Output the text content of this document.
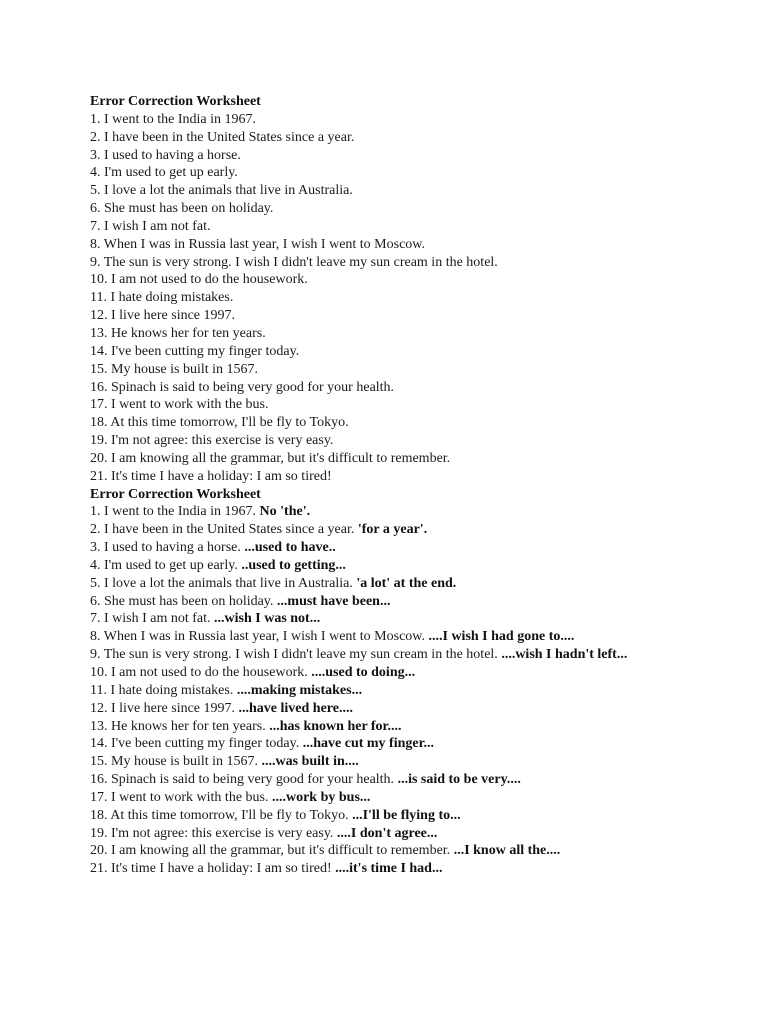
Error Correction Worksheet

1. I went to the India in 1967.

2. I have been in the United States since a year.

3. I used to having a horse.

4. I'm used to get up early.

5. I love a lot the animals that live in Australia.

6. She must has been on holiday.

7. I wish I am not fat.

8. When I was in Russia last year, I wish I went to Moscow.

9. The sun is very strong. I wish I didn't leave my sun cream in the hotel.

10. I am not used to do the housework.

11. I hate doing mistakes.

12. I live here since 1997.

13. He knows her for ten years.

14. I've been cutting my finger today.

15. My house is built in 1567.

16. Spinach is said to being very good for your health.

17. I went to work with the bus.

18. At this time tomorrow, I'll be fly to Tokyo.

19. I'm not agree: this exercise is very easy.

20. I am knowing all the grammar, but it's difficult to remember.

21. It's time I have a holiday: I am so tired!

Error Correction Worksheet

1. I went to the India in 1967. No 'the'.

2. I have been in the United States since a year. 'for a year'.

3. I used to having a horse. ...used to have..

4. I'm used to get up early. ..used to getting...

5. I love a lot the animals that live in Australia. 'a lot' at the end.

6. She must has been on holiday. ...must have been...

7. I wish I am not fat. ...wish I was not...

8. When I was in Russia last year, I wish I went to Moscow. ....I wish I had gone to....

9. The sun is very strong. I wish I didn't leave my sun cream in the hotel. ....wish I hadn't left...

10. I am not used to do the housework. ....used to doing...

11. I hate doing mistakes. ....making mistakes...

12. I live here since 1997. ...have lived here....

13. He knows her for ten years. ...has known her for....

14. I've been cutting my finger today. ...have cut my finger...

15. My house is built in 1567. ....was built in....

16. Spinach is said to being very good for your health. ...is said to be very....

17. I went to work with the bus. ....work by bus...

18. At this time tomorrow, I'll be fly to Tokyo. ...I'll be flying to...

19. I'm not agree: this exercise is very easy. ....I don't agree...

20. I am knowing all the grammar, but it's difficult to remember. ...I know all the....

21. It's time I have a holiday: I am so tired! ....it's time I had...
